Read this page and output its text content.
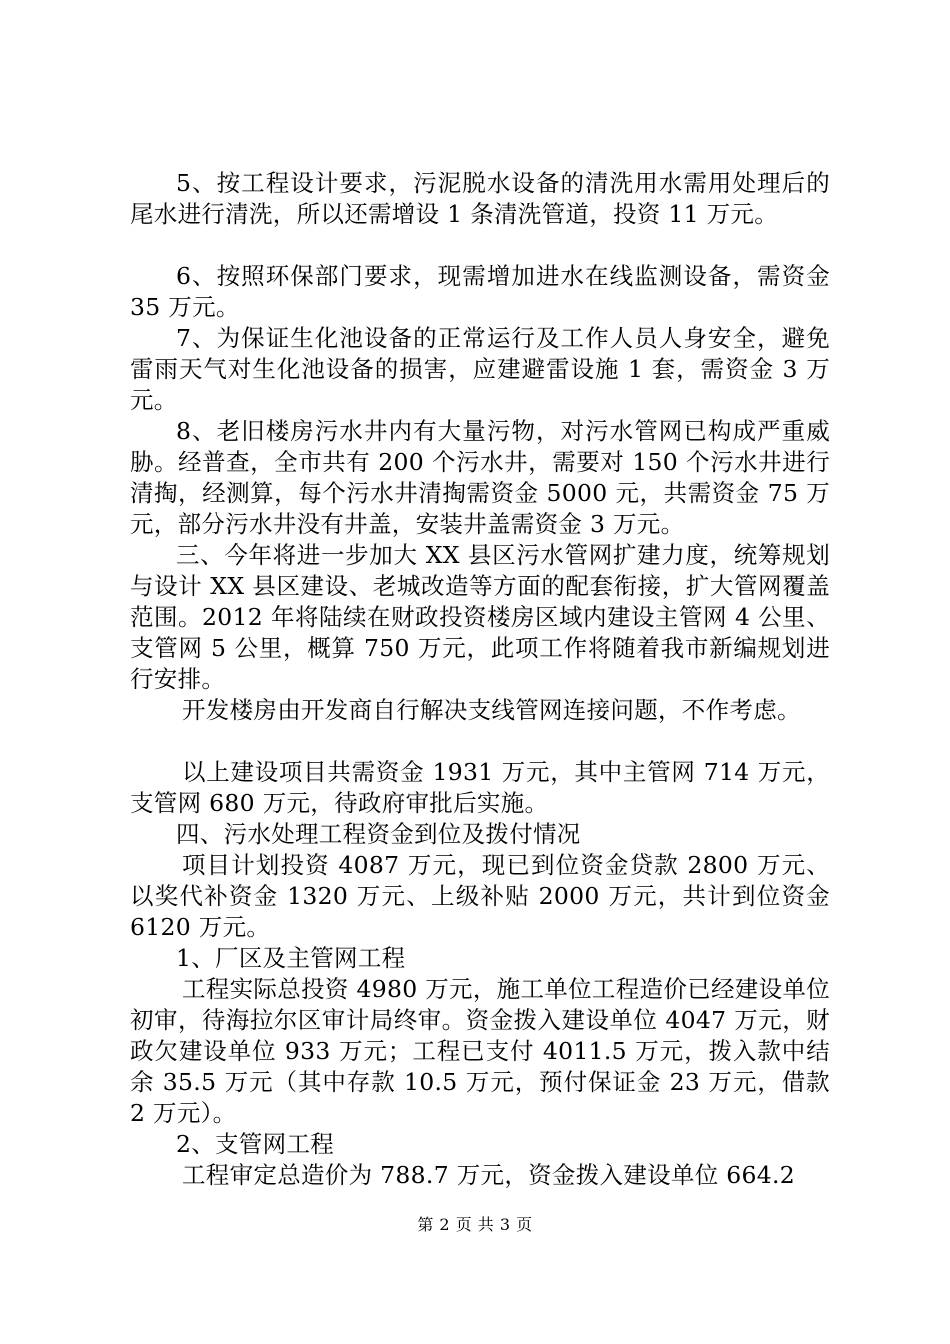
5、按工程设计要求，污泥脱水设备的清洗用水需用处理后的尾水进行清洗，所以还需增设 1 条清洗管道，投资 11 万元。

6、按照环保部门要求，现需增加进水在线监测设备，需资金 35 万元。

7、为保证生化池设备的正常运行及工作人员人身安全，避免雷雨天气对生化池设备的损害，应建避雷设施 1 套，需资金 3 万元。

8、老旧楼房污水井内有大量污物，对污水管网已构成严重威胁。经普查，全市共有 200 个污水井，需要对 150 个污水井进行清掏，经测算，每个污水井清掏需资金 5000 元，共需资金 75 万元，部分污水井没有井盖，安装井盖需资金 3 万元。

三、今年将进一步加大 XX 县区污水管网扩建力度，统筹规划与设计 XX 县区建设、老城改造等方面的配套衔接，扩大管网覆盖范围。2012 年将陆续在财政投资楼房区域内建设主管网 4 公里、支管网 5 公里，概算 750 万元，此项工作将随着我市新编规划进行安排。

开发楼房由开发商自行解决支线管网连接问题，不作考虑。

以上建设项目共需资金 1931 万元，其中主管网 714 万元，支管网 680 万元，待政府审批后实施。

四、污水处理工程资金到位及拨付情况

项目计划投资 4087 万元，现已到位资金贷款 2800 万元、以奖代补资金 1320 万元、上级补贴 2000 万元，共计到位资金 6120 万元。

1、厂区及主管网工程

工程实际总投资 4980 万元，施工单位工程造价已经建设单位初审，待海拉尔区审计局终审。资金拨入建设单位 4047 万元，财政欠建设单位 933 万元；工程已支付 4011.5 万元，拨入款中结余 35.5 万元（其中存款 10.5 万元，预付保证金 23 万元，借款 2 万元）。

2、支管网工程

工程审定总造价为 788.7 万元，资金拨入建设单位 664.2

第 2 页 共 3 页
